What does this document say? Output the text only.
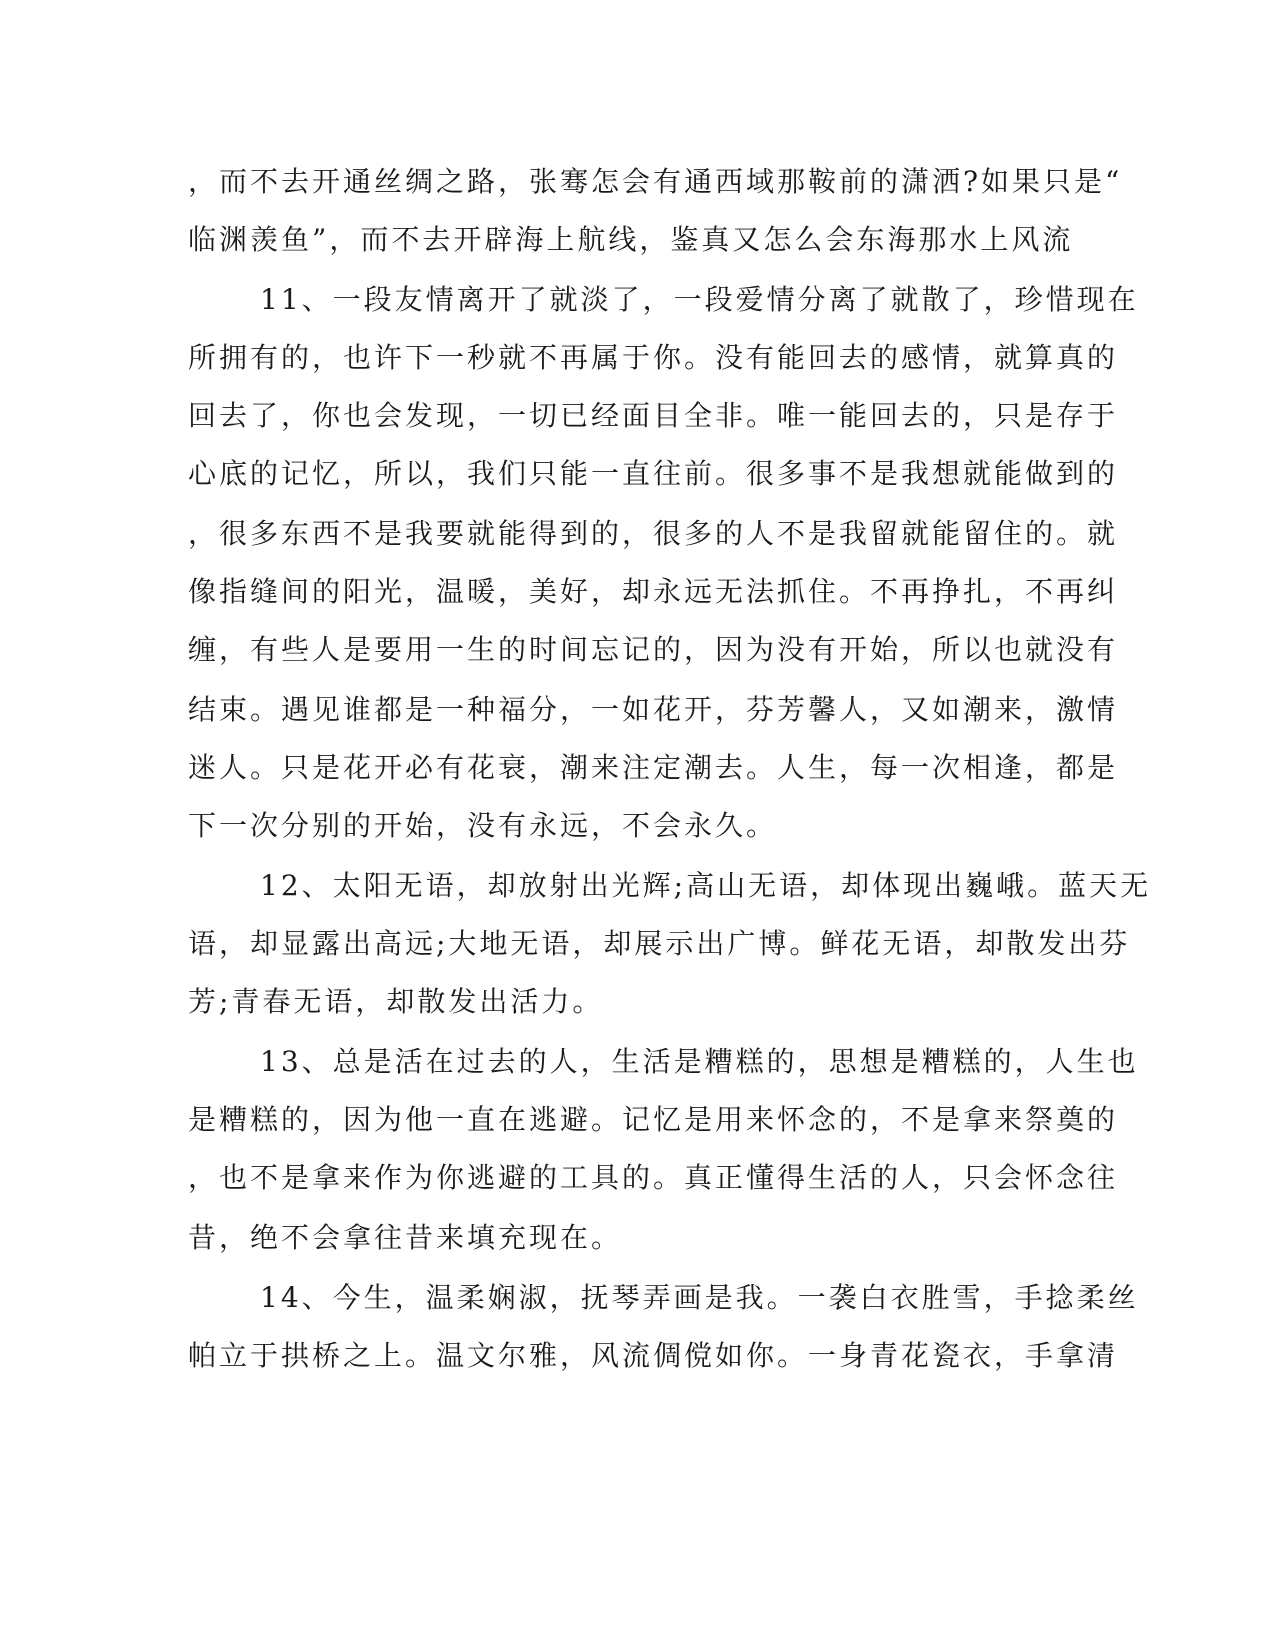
，而不去开通丝绸之路，张骞怎会有通西域那鞍前的潇洒?如果只是“

临渊羡鱼”，而不去开辟海上航线，鉴真又怎么会东海那水上风流

11、一段友情离开了就淡了，一段爱情分离了就散了，珍惜现在

所拥有的，也许下一秒就不再属于你。没有能回去的感情，就算真的

回去了，你也会发现，一切已经面目全非。唯一能回去的，只是存于

心底的记忆，所以，我们只能一直往前。很多事不是我想就能做到的

，很多东西不是我要就能得到的，很多的人不是我留就能留住的。就

像指缝间的阳光，温暖，美好，却永远无法抓住。不再挣扎，不再纠

缠，有些人是要用一生的时间忘记的，因为没有开始，所以也就没有

结束。遇见谁都是一种福分，一如花开，芬芳馨人，又如潮来，激情

迷人。只是花开必有花衰，潮来注定潮去。人生，每一次相逢，都是

下一次分别的开始，没有永远，不会永久。

12、太阳无语，却放射出光辉;高山无语，却体现出巍峨。蓝天无

语，却显露出高远;大地无语，却展示出广博。鲜花无语，却散发出芬

芳;青春无语，却散发出活力。

13、总是活在过去的人，生活是糟糕的，思想是糟糕的，人生也

是糟糕的，因为他一直在逃避。记忆是用来怀念的，不是拿来祭奠的

，也不是拿来作为你逃避的工具的。真正懂得生活的人，只会怀念往

昔，绝不会拿往昔来填充现在。

14、今生，温柔娴淑，抚琴弄画是我。一袭白衣胜雪，手捻柔丝

帕立于拱桥之上。温文尔雅，风流倜傥如你。一身青花瓷衣，手拿清
